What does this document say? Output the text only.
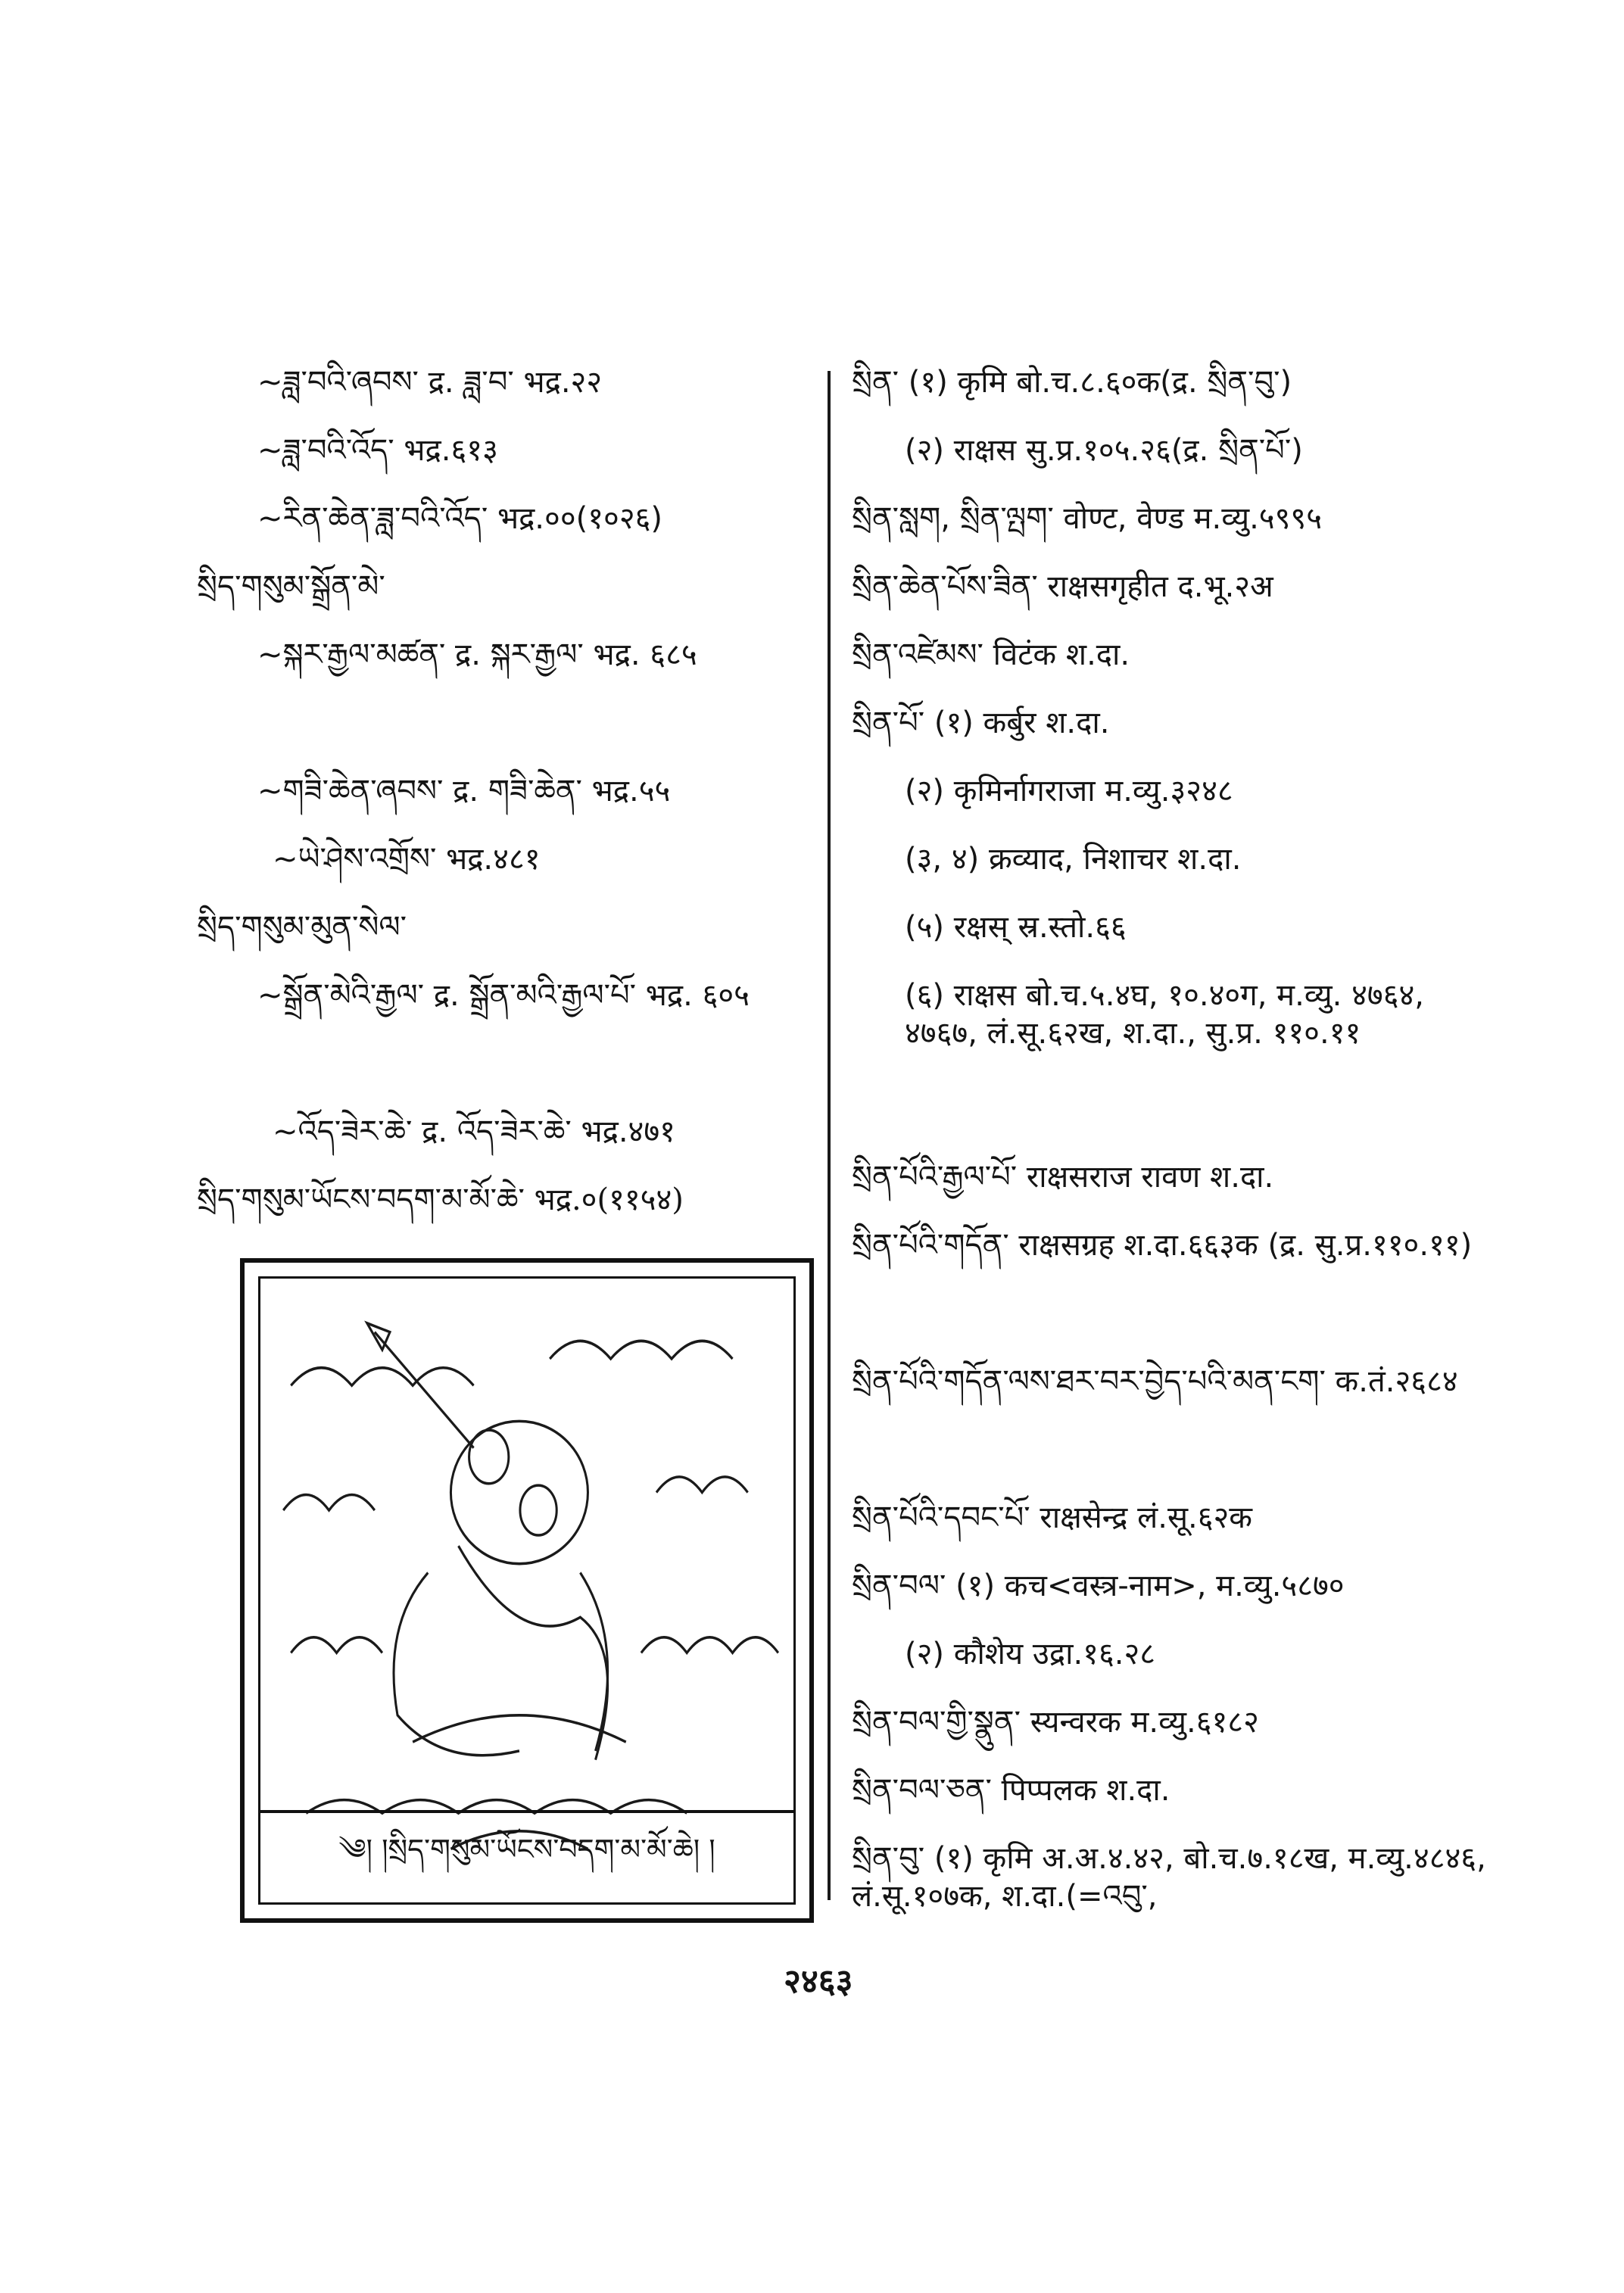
~ཟླ་བའི་ཞབས་ द्र. ཟླ་བ་ भद्र.२२

~ཟླ་བའི་འོད་ भद्र.६१३

~རིན་ཆེན་ཟླ་བའི་འོད་ भद्र.००(१०२६)

སྲིད་གསུམ་སྒྲོན་མེ་

~སྐར་རྒྱལ་མཚན་ द्र. སྐར་རྒྱལ་ भद्र. ६८५

~གཟི་ཆེན་ཞབས་ द्र. གཟི་ཆེན་ भद्र.५५

~ཡེ་ཤེས་འགྲོས་ भद्र.४८१

སྲིད་གསུམ་མུན་སེལ་

~སྒྲོན་མེའི་རྒྱལ་ द्र. སྒྲོན་མའི་རྒྱལ་པོ་ भद्र. ६०५

~འོད་ཟེར་ཆེ་ द्र. འོད་ཟེར་ཆེ་ भद्र.४७१

སྲིད་གསུམ་ཡོངས་བདག་མ་མོ་ཆེ་ भद्र.०(११५४)

སྲིན་ (१) कृमि बो.च.८.६०क(द्र. སྲིན་བུ་)

(२) राक्षस सु.प्र.१०५.२६(द्र. སྲིན་པོ་)

སྲིན་སླག, སྲིན་ལྤག་ वोण्ट, वेण्ड म.व्यु.५९९५

སྲིན་ཆེན་པོས་ཟིན་ राक्षसगृहीत द.भू.२अ

སྲིན་འཛེམས་ विटंक श.दा.

སྲིན་པོ་ (१) कर्बुर श.दा.

(२) कृमिर्नागराजा म.व्यु.३२४८

(३, ४) क्रव्याद, निशाचर श.दा.

(५) रक्षस् स्र.स्तो.६६

(६) राक्षस बो.च.५.४घ, १०.४०ग, म.व्यु. ४७६४, ४७६७, लं.सू.६२ख, श.दा., सु.प्र. ११०.११

སྲིན་པོའི་རྒྱལ་པོ་ राक्षसराज रावण श.दा.

སྲིན་པོའི་གདོན་ राक्षसग्रह श.दा.६६३क (द्र. सु.प्र.११०.११)

སྲིན་པོའི་གདོན་ལས་ཐར་བར་བྱེད་པའི་མན་ངག་ क.तं.२६८४

སྲིན་པོའི་དབང་པོ་ राक्षसेन्द्र लं.सू.६२क

སྲིན་བལ་ (१) कच<वस्त्र-नाम>, म.व्यु.५८७०

(२) कौशेय उद्रा.१६.२८

སྲིན་བལ་གྱི་སྣུན་ स्यन्वरक म.व्यु.६१८२

སྲིན་བལ་ཅན་ पिप्पलक श.दा.

སྲིན་བུ་ (१) कृमि अ.अ.४.४२, बो.च.७.१८ख, म.व्यु.४८४६, लं.सू.१०७क, श.दा.(=འབུ་,

༄། །སྲིད་གསུམ་ཡོངས་བདག་མ་མོ་ཆེ། །
२४६३
